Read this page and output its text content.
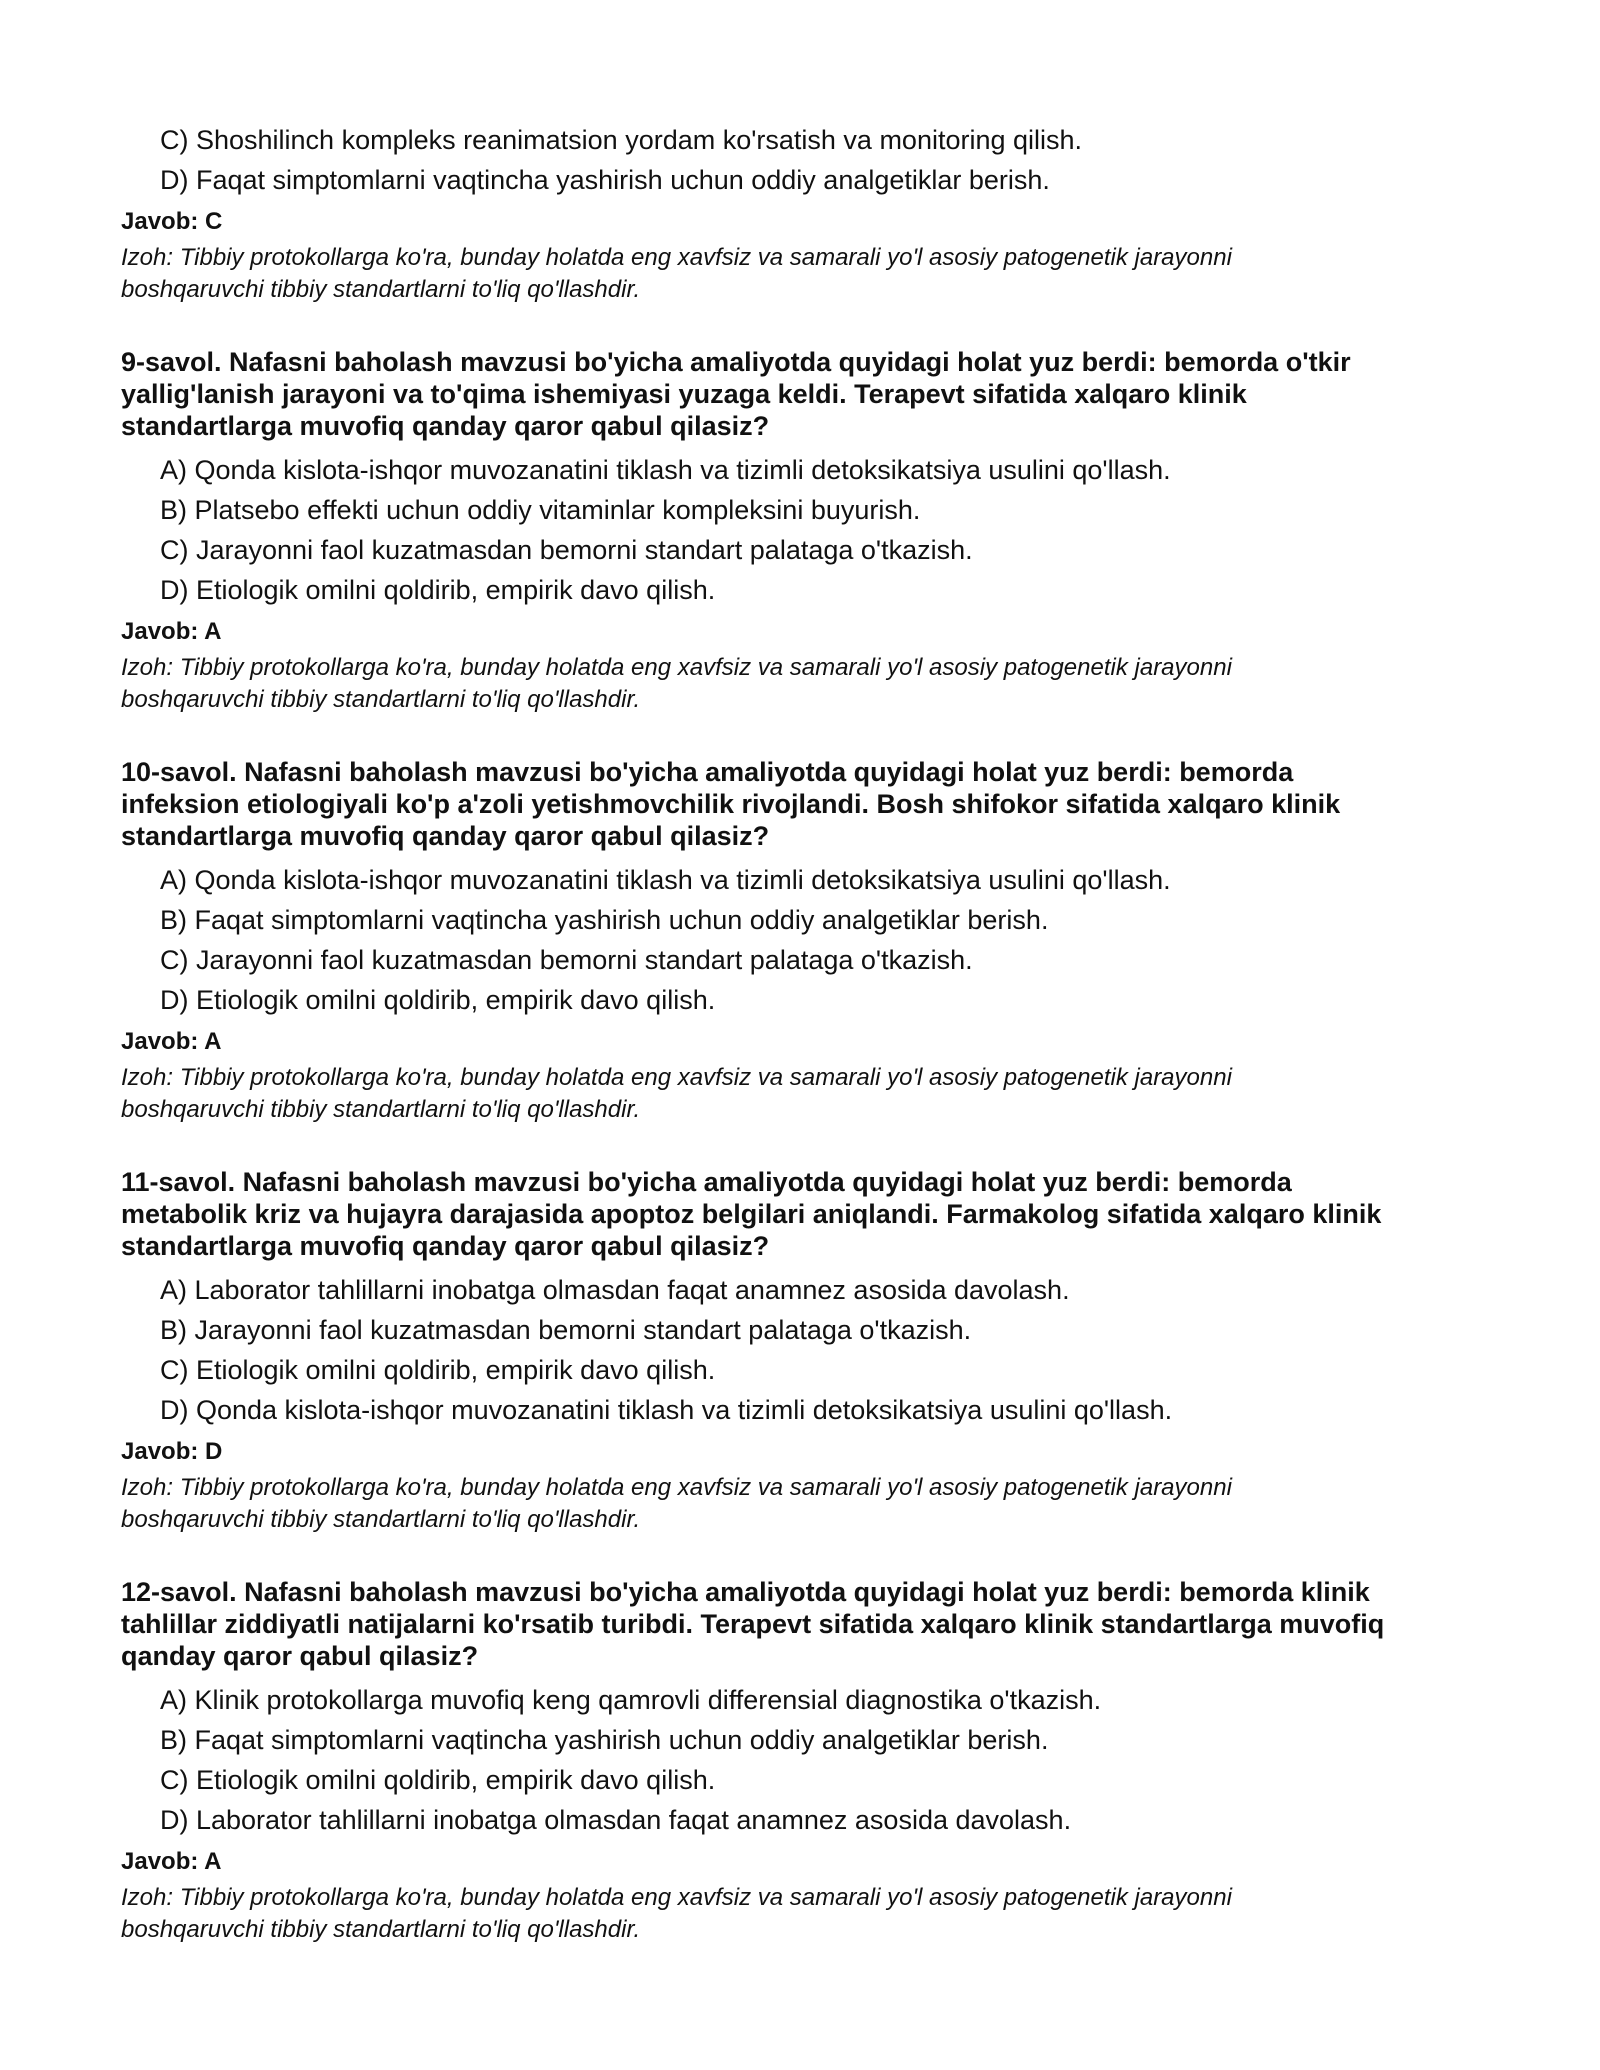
C) Shoshilinch kompleks reanimatsion yordam ko'rsatish va monitoring qilish.
D) Faqat simptomlarni vaqtincha yashirish uchun oddiy analgetiklar berish.
Javob: C
Izoh: Tibbiy protokollarga ko'ra, bunday holatda eng xavfsiz va samarali yo'l asosiy patogenetik jarayonni
boshqaruvchi tibbiy standartlarni to'liq qo'llashdir.
9-savol. Nafasni baholash mavzusi bo'yicha amaliyotda quyidagi holat yuz berdi: bemorda o'tkir
yallig'lanish jarayoni va to'qima ishemiyasi yuzaga keldi. Terapevt sifatida xalqaro klinik
standartlarga muvofiq qanday qaror qabul qilasiz?
A) Qonda kislota-ishqor muvozanatini tiklash va tizimli detoksikatsiya usulini qo'llash.
B) Platsebo effekti uchun oddiy vitaminlar kompleksini buyurish.
C) Jarayonni faol kuzatmasdan bemorni standart palataga o'tkazish.
D) Etiologik omilni qoldirib, empirik davo qilish.
Javob: A
Izoh: Tibbiy protokollarga ko'ra, bunday holatda eng xavfsiz va samarali yo'l asosiy patogenetik jarayonni
boshqaruvchi tibbiy standartlarni to'liq qo'llashdir.
10-savol. Nafasni baholash mavzusi bo'yicha amaliyotda quyidagi holat yuz berdi: bemorda
infeksion etiologiyali ko'p a'zoli yetishmovchilik rivojlandi. Bosh shifokor sifatida xalqaro klinik
standartlarga muvofiq qanday qaror qabul qilasiz?
A) Qonda kislota-ishqor muvozanatini tiklash va tizimli detoksikatsiya usulini qo'llash.
B) Faqat simptomlarni vaqtincha yashirish uchun oddiy analgetiklar berish.
C) Jarayonni faol kuzatmasdan bemorni standart palataga o'tkazish.
D) Etiologik omilni qoldirib, empirik davo qilish.
Javob: A
Izoh: Tibbiy protokollarga ko'ra, bunday holatda eng xavfsiz va samarali yo'l asosiy patogenetik jarayonni
boshqaruvchi tibbiy standartlarni to'liq qo'llashdir.
11-savol. Nafasni baholash mavzusi bo'yicha amaliyotda quyidagi holat yuz berdi: bemorda
metabolik kriz va hujayra darajasida apoptoz belgilari aniqlandi. Farmakolog sifatida xalqaro klinik
standartlarga muvofiq qanday qaror qabul qilasiz?
A) Laborator tahlillarni inobatga olmasdan faqat anamnez asosida davolash.
B) Jarayonni faol kuzatmasdan bemorni standart palataga o'tkazish.
C) Etiologik omilni qoldirib, empirik davo qilish.
D) Qonda kislota-ishqor muvozanatini tiklash va tizimli detoksikatsiya usulini qo'llash.
Javob: D
Izoh: Tibbiy protokollarga ko'ra, bunday holatda eng xavfsiz va samarali yo'l asosiy patogenetik jarayonni
boshqaruvchi tibbiy standartlarni to'liq qo'llashdir.
12-savol. Nafasni baholash mavzusi bo'yicha amaliyotda quyidagi holat yuz berdi: bemorda klinik
tahlillar ziddiyatli natijalarni ko'rsatib turibdi. Terapevt sifatida xalqaro klinik standartlarga muvofiq
qanday qaror qabul qilasiz?
A) Klinik protokollarga muvofiq keng qamrovli differensial diagnostika o'tkazish.
B) Faqat simptomlarni vaqtincha yashirish uchun oddiy analgetiklar berish.
C) Etiologik omilni qoldirib, empirik davo qilish.
D) Laborator tahlillarni inobatga olmasdan faqat anamnez asosida davolash.
Javob: A
Izoh: Tibbiy protokollarga ko'ra, bunday holatda eng xavfsiz va samarali yo'l asosiy patogenetik jarayonni
boshqaruvchi tibbiy standartlarni to'liq qo'llashdir.
